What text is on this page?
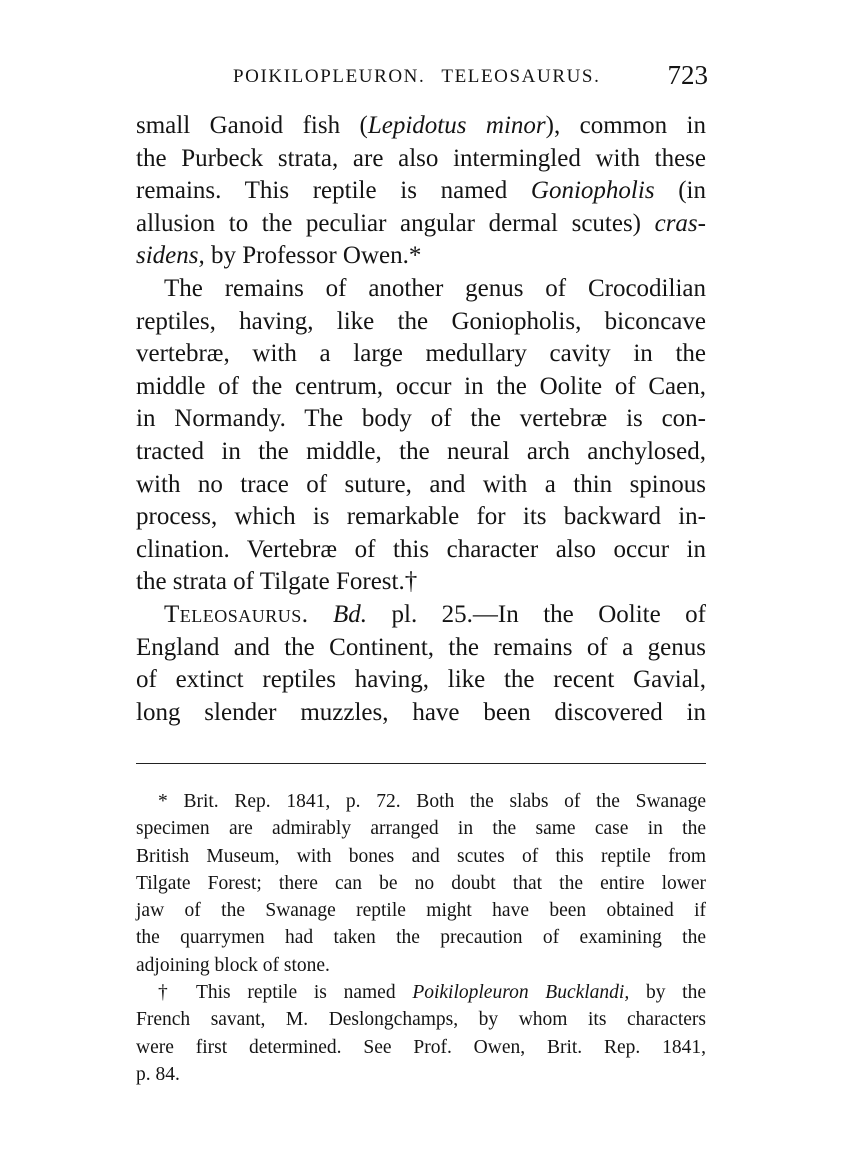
POIKILOPLEURON. TELEOSAURUS. 723
small Ganoid fish (Lepidotus minor), common in
the Purbeck strata, are also intermingled with these
remains. This reptile is named Goniopholis (in
allusion to the peculiar angular dermal scutes) cras-
sidens, by Professor Owen.*
The remains of another genus of Crocodilian
reptiles, having, like the Goniopholis, biconcave
vertebræ, with a large medullary cavity in the
middle of the centrum, occur in the Oolite of Caen,
in Normandy. The body of the vertebræ is con-
tracted in the middle, the neural arch anchylosed,
with no trace of suture, and with a thin spinous
process, which is remarkable for its backward in-
clination. Vertebræ of this character also occur in
the strata of Tilgate Forest.†
Teleosaurus. Bd. pl. 25.—In the Oolite of
England and the Continent, the remains of a genus
of extinct reptiles having, like the recent Gavial,
long slender muzzles, have been discovered in
* Brit. Rep. 1841, p. 72. Both the slabs of the Swanage
specimen are admirably arranged in the same case in the
British Museum, with bones and scutes of this reptile from
Tilgate Forest; there can be no doubt that the entire lower
jaw of the Swanage reptile might have been obtained if
the quarrymen had taken the precaution of examining the
adjoining block of stone.
† This reptile is named Poikilopleuron Bucklandi, by the
French savant, M. Deslongchamps, by whom its characters
were first determined. See Prof. Owen, Brit. Rep. 1841,
p. 84.
